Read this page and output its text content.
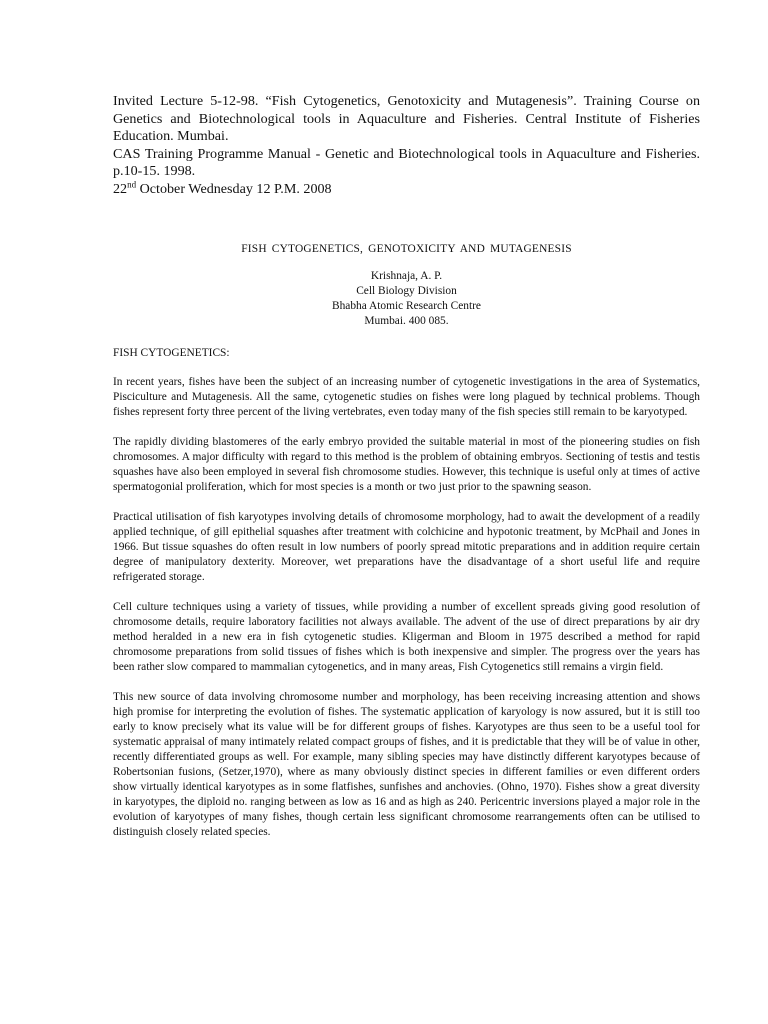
Invited Lecture 5-12-98. “Fish Cytogenetics, Genotoxicity and Mutagenesis”. Training Course on Genetics and Biotechnological tools in Aquaculture and Fisheries. Central Institute of Fisheries Education. Mumbai.

CAS Training Programme Manual - Genetic and Biotechnological tools in Aquaculture and Fisheries. p.10-15. 1998.

22nd October Wednesday 12 P.M. 2008

FISH CYTOGENETICS, GENOTOXICITY AND MUTAGENESIS
Krishnaja, A. P.
Cell Biology Division
Bhabha Atomic Research Centre
Mumbai. 400 085.
FISH CYTOGENETICS:

In recent years, fishes have been the subject of an increasing number of cytogenetic investigations in the area of Systematics, Pisciculture and Mutagenesis. All the same, cytogenetic studies on fishes were long plagued by technical problems. Though fishes represent forty three percent of the living vertebrates, even today many of the fish species still remain to be karyotyped.

The rapidly dividing blastomeres of the early embryo provided the suitable material in most of the pioneering studies on fish chromosomes. A major difficulty with regard to this method is the problem of obtaining embryos. Sectioning of testis and testis squashes have also been employed in several fish chromosome studies. However, this technique is useful only at times of active spermatogonial proliferation, which for most species is a month or two just prior to the spawning season.

Practical utilisation of fish karyotypes involving details of chromosome morphology, had to await the development of a readily applied technique, of gill epithelial squashes after treatment with colchicine and hypotonic treatment, by McPhail and Jones in 1966. But tissue squashes do often result in low numbers of poorly spread mitotic preparations and in addition require certain degree of manipulatory dexterity. Moreover, wet preparations have the disadvantage of a short useful life and require refrigerated storage.

Cell culture techniques using a variety of tissues, while providing a number of excellent spreads giving good resolution of chromosome details, require laboratory facilities not always available. The advent of the use of direct preparations by air dry method heralded in a new era in fish cytogenetic studies. Kligerman and Bloom in 1975 described a method for rapid chromosome preparations from solid tissues of fishes which is both inexpensive and simpler. The progress over the years has been rather slow compared to mammalian cytogenetics, and in many areas, Fish Cytogenetics still remains a virgin field.

This new source of data involving chromosome number and morphology, has been receiving increasing attention and shows high promise for interpreting the evolution of fishes. The systematic application of karyology is now assured, but it is still too early to know precisely what its value will be for different groups of fishes. Karyotypes are thus seen to be a useful tool for systematic appraisal of many intimately related compact groups of fishes, and it is predictable that they will be of value in other, recently differentiated groups as well. For example, many sibling species may have distinctly different karyotypes because of Robertsonian fusions, (Setzer,1970), where as many obviously distinct species in different families or even different orders show virtually identical karyotypes as in some flatfishes, sunfishes and anchovies. (Ohno, 1970). Fishes show a great diversity in karyotypes, the diploid no. ranging between as low as 16 and as high as 240. Pericentric inversions played a major role in the evolution of karyotypes of many fishes, though certain less significant chromosome rearrangements often can be utilised to distinguish closely related species.
